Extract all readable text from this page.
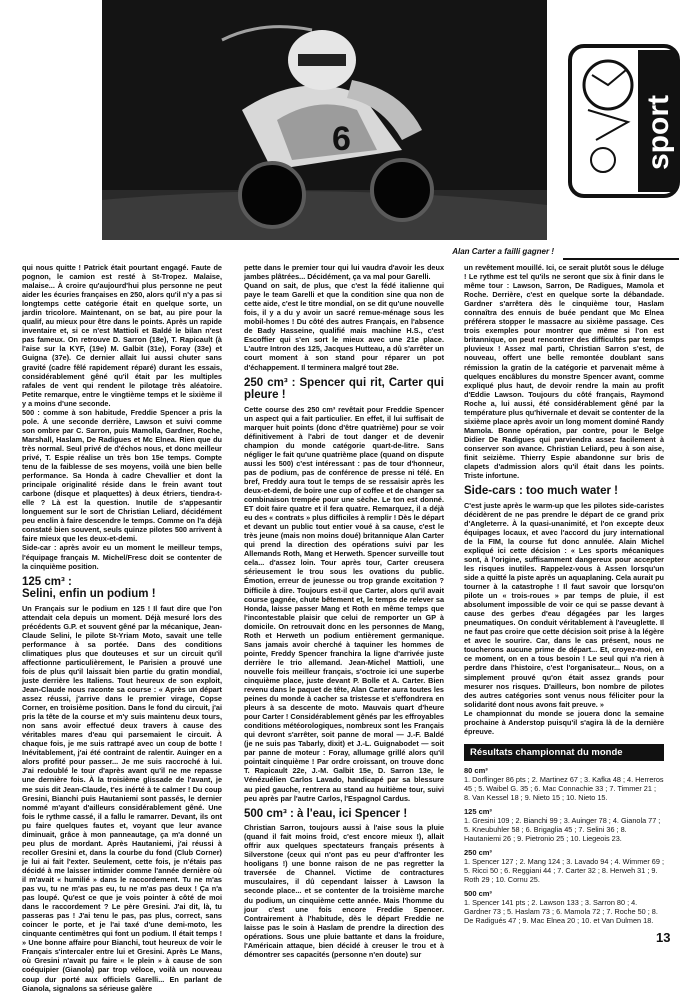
6
Alan Carter a failli gagner !
sport

qui nous quitte ! Patrick était pourtant engagé. Faute de pognon, le camion est resté à St-Tropez. Malaise, malaise... À croire qu'aujourd'hui plus personne ne peut aider les écuries françaises en 250, alors qu'il n'y a pas si longtemps cette catégorie était en quelque sorte, un jardin tricolore. Maintenant, on se bat, au pire pour la qualif, au mieux pour être dans le points. Après un rapide inventaire et, si ce n'est Mattioli et Baldé le bilan n'est pas fameux. On retrouve D. Sarron (18e), T. Rapicault (à l'aise sur la KYF, (19e) M. Galbit (31e), Foray (33e) et Guigna (37e). Ce dernier allait lui aussi chuter sans gravité (cadre fêlé rapidement réparé) durant les essais, considérablement gêné qu'il était par les multiples rafales de vent qui rendent le pilotage très aléatoire. Petite remarque, entre le vingtième temps et le sixième il y a moins d'une seconde.

500 : comme à son habitude, Freddie Spencer a pris la pole. À une seconde derrière, Lawson et suivi comme son ombre par C. Sarron, puis Mamolla, Gardner, Roche, Marshall, Haslam, De Radigues et Mc Elnea. Rien que du très normal. Seul privé de d'échos nous, et donc meilleur privé, T. Espie réalise un très bon 15e temps. Compte tenu de la faiblesse de ses moyens, voilà une bien belle performance. Sa Honda à cadre Chevallier et dont la principale originalité réside dans le frein avant tout carbone (disque et plaquettes) à deux étriers, tiendra-t-elle ? Là est la question. Inutile de s'appesantir longuement sur le sort de Christian Leliard, décidément peu enclin à faire descendre le temps. Comme on l'a déjà constaté bien souvent, seuls quinze pilotes 500 arrivent à faire mieux que les deux-et-demi.

Side-car : après avoir eu un moment le meilleur temps, l'équipage français M. Michel/Fresc doit se contenter de la cinquième position.

125 cm³ :
Selini, enfin un podium !

Un Français sur le podium en 125 ! Il faut dire que l'on attendait cela depuis un moment. Déjà mesuré lors des précédents G.P. et souvent gêné par la mécanique, Jean-Claude Selini, le pilote St-Yriam Moto, savait une telle performance à sa portée. Dans des conditions climatiques plus que douteuses et sur un circuit qu'il affectionne particulièrement, le Parisien a prouvé une fois de plus qu'il laissait bien partie du gratin mondial, juste derrière les Italiens. Tout heureux de son exploit, Jean-Claude nous raconte sa course : « Après un départ assez réussi, j'arrive dans le premier virage, Copse Corner, en troisième position. Dans le fond du circuit, j'ai pris la tête de la course et m'y suis maintenu deux tours, non sans avoir effectué deux travers à cause des véritables mares d'eau qui parsemaient le circuit. À chaque fois, je me suis rattrapé avec un coup de botte ! Inévitablement, j'ai été contraint de ralentir. Auinger en a alors profité pour passer... Je me suis raccroché à lui. J'ai redoublé le tour d'après avant qu'il ne me repasse une dernière fois. À la troisième glissade de l'avant, je me suis dit Jean-Claude, t'es inérté à te calmer ! Du coup Gresini, Bianchi puis Hautaniemi sont passés, le dernier nommé m'ayant d'ailleurs considérablement gêné. Une fois le rythme cassé, il a fallu le ramarrer. Devant, ils ont pu faire quelques fautes et, voyant que leur avance diminuait, grâce à mon panneautage, ça m'a donné un peu plus de mordant. Après Hautaniemi, j'ai réussi à recoller Gresini et, dans la courbe du fond (Club Corner) je lui ai fait l'exter. Seulement, cette fois, je n'étais pas décidé à me laisser intimider comme l'année dernière où il m'avait « humilié » dans le raccordement. Tu ne m'as pas vu, tu ne m'as pas eu, tu ne m'as pas deux ! Ça n'a pas loupé. Qu'est ce que je vois pointer à côté de moi dans le raccordement ? Le père Gresini. J'ai dit, là, tu passeras pas ! J'ai tenu le pas, pas plus, correct, sans coincer le porte, et je l'ai taxé d'une demi-moto, les cinquante centimètres qui font un podium. Il était temps ! » Une bonne affaire pour Bianchi, tout heureux de voir le Français s'intercaler entre lui et Gresini. Après Le Mans, où Gresini n'avait pu faire « le plein » à cause de son coéquipier (Gianola) par trop véloce, voilà un nouveau coup dur porté aux officiels Garelli... En parlant de Gianola, signalons sa sérieuse galère

pette dans le premier tour qui lui vaudra d'avoir les deux jambes plâtrées... Décidément, ça va mal pour Garelli.

Quand on sait, de plus, que c'est la fédé italienne qui paye le team Garelli et que la condition sine qua non de cette aide, c'est le titre mondial, on se dit qu'une nouvelle fois, il y a du y avoir un sacré remue-ménage sous les mobil-homes ! Du côté des autres Français, en l'absence de Bady Hasseine, qualifié mais machine H.S., c'est Escoffier qui s'en sort le mieux avec une 21e place. L'autre Intron des 125, Jacques Hutteau, a dû s'arrêter un court moment à son stand pour réparer un pot d'échappement. Il terminera malgré tout 28e.

250 cm³ : Spencer qui rit, Carter qui pleure !

Cette course des 250 cm³ revêtait pour Freddie Spencer un aspect qui a fait particulier. En effet, il lui suffisait de marquer huit points (donc d'être quatrième) pour se voir définitivement à l'abri de tout danger et de devenir champion du monde catégorie quart-de-litre. Sans négliger le fait qu'une quatrième place (quand on dispute aussi les 500) c'est intéressant : pas de tour d'honneur, pas de podium, pas de conférence de presse ni télé. En bref, Freddy aura tout le temps de se ressaisir après les deux-et-demi, de boire une cup of coffee et de changer sa combinaison trempée pour une sèche. Le ton est donné. ET doit faire quatre et il fera quatre. Remarquez, il a déjà eu des « contrats » plus difficiles à remplir ! Dès le départ et devant un public tout entier voué à sa cause, c'est le très jeune (mais non moins doué) britannique Alan Carter qui prend la direction des opérations suivi par les Allemands Roth, Mang et Herweth. Spencer surveille tout cela... d'assez loin. Tour après tour, Carter creusera sérieusement le trou sous les ovations du public. Émotion, erreur de jeunesse ou trop grande excitation ? Difficile à dire. Toujours est-il que Carter, alors qu'il avait course gagnée, chute bêtement et, le temps de relever sa Honda, laisse passer Mang et Roth en même temps que l'incontestable plaisir que celui de remporter un GP à domicile. On retrouvait donc en les personnes de Mang, Roth et Herweth un podium entièrement germanique. Sans jamais avoir cherché à taquiner les hommes de pointe, Freddy Spencer franchira la ligne d'arrivée juste derrière le trio allemand. Jean-Michel Mattioli, une nouvelle fois meilleur français, s'octroie ici une superbe cinquième place, juste devant P. Bolle et A. Carter. Bien revenu dans le paquet de tête, Alan Carter aura toutes les peines du monde à cacher sa tristesse et s'effondrera en pleurs à sa descente de moto. Mauvais quart d'heure pour Carter ! Considérablement gênés par les effroyables conditions météorologiques, nombreux sont les Français qui devront s'arrêter, soit panne de moral — J.-F. Baldé (je ne suis pas Tabarly, dixit) et J.-L. Guignabodet — soit par panne de moteur : Foray, allumage grillé alors qu'il pointait cinquième ! Par ordre croissant, on trouve donc T. Rapicault 22e, J.-M. Galbit 15e, D. Sarron 13e, le Vénézuélien Carlos Lavado, handicapé par sa blessure au pied gauche, rentrera au stand au huitième tour, suivi peu après par l'autre Carlos, l'Espagnol Cardus.

500 cm³ : à l'eau, ici Spencer !

Christian Sarron, toujours aussi à l'aise sous la pluie (quand il fait moins froid, c'est encore mieux !), allait offrir aux quelques spectateurs français présents à Silverstone (ceux qui n'ont pas eu peur d'affronter les hooligans !) une bonne raison de ne pas regretter la traversée de Channel. Victime de contractures musculaires, il dû cependant laisser à Lawson la seconde place... et se contenter de la troisième marche du podium, un cinquième cette année. Mais l'homme du jour c'est une fois encore Freddie Spencer. Contrairement à l'habitude, dès le départ Freddie ne laisse pas le soin à Haslam de prendre la direction des opérations. Sous une pluie battante et dans la froidure, l'Américain attaque, bien décidé à creuser le trou et à démontrer ses capacités (personne n'en doute) sur

un revêtement mouillé. Ici, ce serait plutôt sous le déluge ! Le rythme est tel qu'ils ne seront que six à finir dans le même tour : Lawson, Sarron, De Radigues, Mamola et Roche. Derrière, c'est en quelque sorte la débandade. Gardner s'arrêtera dès le cinquième tour, Haslam connaîtra des ennuis de buée pendant que Mc Elnea préférera stopper le massacre au sixième passage. Ces trois exemples pour montrer que même si l'on est britannique, on peut rencontrer des difficultés par temps pluvieux ! Assez mal parti, Christian Sarron s'est, de nouveau, offert une belle remontée doublant sans rémission la gratin de la catégorie et parvenait même à quelques encâblures du monstre Spencer avant, comme expliqué plus haut, de devoir rendre la main au profit d'Eddie Lawson. Toujours du côté français, Raymond Roche a, lui aussi, été considérablement gêné par la température plus qu'hivernale et devait se contenter de la sixième place après avoir un long moment dominé Randy Mamola. Bonne opération, par contre, pour le Belge Didier De Radigues qui parviendra assez facilement à conserver son avance. Christian Leliard, peu à son aise, finit seizième. Thierry Espie abandonne sur bris de clapets d'admission alors qu'il était dans les points. Triste infortune.

Side-cars : too much water !

C'est juste après le warm-up que les pilotes side-caristes décidèrent de ne pas prendre le départ de ce grand prix d'Angleterre. À la quasi-unanimité, et l'on excepte deux équipages locaux, et avec l'accord du jury international de la FIM, la course fut donc annulée. Alain Michel expliqué ici cette décision : « Les sports mécaniques sont, à l'origine, suffisamment dangereux pour accepter les risques inutiles. Rappelez-vous à Assen lorsqu'un side a quitté la piste après un aquaplaning. Cela aurait pu tourner à la catastrophe ! Il faut savoir que lorsqu'on pilote un « trois-roues » par temps de pluie, il est absolument impossible de voir ce qui se passe devant à cause des gerbes d'eau dégagées par les larges pneumatiques. On conduit véritablement à l'aveuglette. Il ne faut pas croire que cette décision soit prise à la légère et avec le sourire. Car, dans le cas présent, nous ne toucherons aucune prime de départ... Et, croyez-moi, en ce moment, on en a tous besoin ! Le seul qui n'a rien à perdre dans l'histoire, c'est l'organisateur... Nous, on a simplement prouvé qu'on était assez grands pour mesurer nos risques. D'ailleurs, bon nombre de pilotes des autres catégories sont venus nous féliciter pour la solidarité dont nous avons fait preuve. »

Le championnat du monde se jouera donc la semaine prochaine à Anderstop puisqu'il s'agira là de la dernière épreuve.

Résultats championnat du monde
80 cm³
1. Dorflinger 86 pts ; 2. Martinez 67 ; 3. Kafka 48 ; 4. Herreros 45 ; 5. Waibel G. 35 ; 6. Mac Connachie 33 ; 7. Timmer 21 ; 8. Van Kessel 18 ; 9. Nieto 15 ; 10. Nieto 15.
125 cm³
1. Gresini 109 ; 2. Bianchi 99 ; 3. Auinger 78 ; 4. Gianola 77 ; 5. Kneubuhler 58 ; 6. Brigaglia 45 ; 7. Selini 36 ; 8. Hautaniemi 26 ; 9. Pietronio 25 ; 10. Liegeois 23.
250 cm³
1. Spencer 127 ; 2. Mang 124 ; 3. Lavado 94 ; 4. Wimmer 69 ; 5. Ricci 50 ; 6. Reggiani 44 ; 7. Carter 32 ; 8. Herweh 31 ; 9. Roth 29 ; 10. Cornu 25.
500 cm³
1. Spencer 141 pts ; 2. Lawson 133 ; 3. Sarron 80 ; 4. Gardner 73 ; 5. Haslam 73 ; 6. Mamola 72 ; 7. Roche 50 ; 8. De Radigués 47 ; 9. Mac Elnea 20 ; 10. et Van Dulmen 18.
13
